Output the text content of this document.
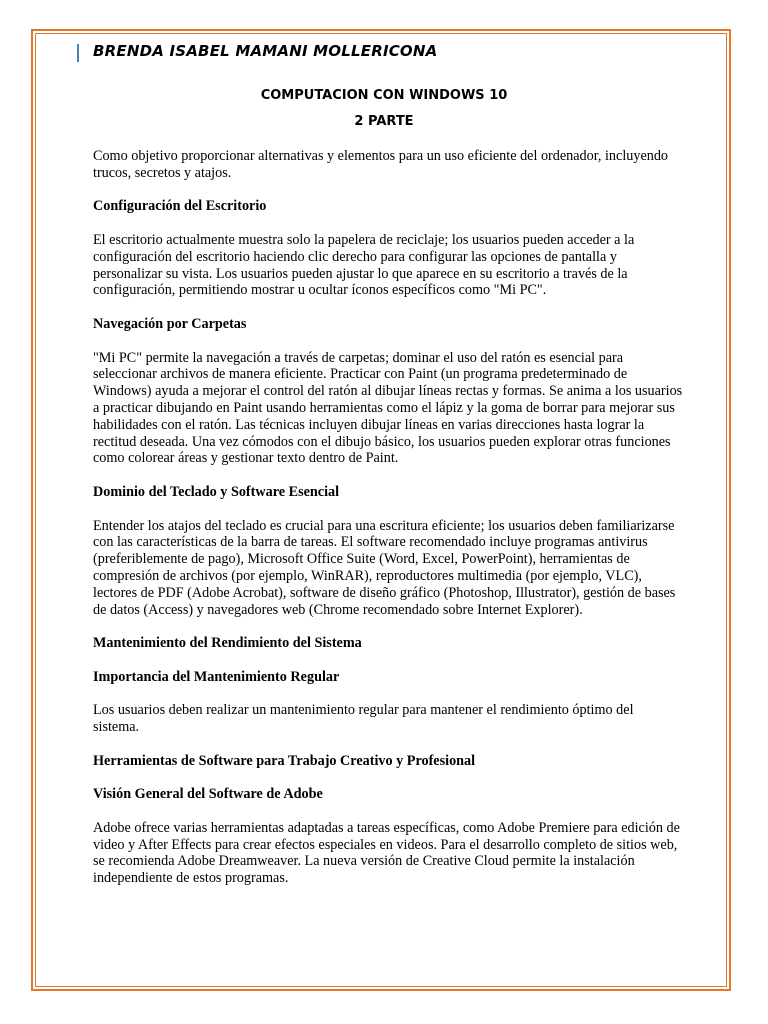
BRENDA ISABEL MAMANI MOLLERICONA
COMPUTACION CON WINDOWS 10
2 PARTE

Como objetivo proporcionar alternativas y elementos para un uso eficiente del ordenador, incluyendo trucos, secretos y atajos.

Configuración del Escritorio

El escritorio actualmente muestra solo la papelera de reciclaje; los usuarios pueden acceder a la configuración del escritorio haciendo clic derecho para configurar las opciones de pantalla y personalizar su vista. Los usuarios pueden ajustar lo que aparece en su escritorio a través de la configuración, permitiendo mostrar u ocultar íconos específicos como "Mi PC".

Navegación por Carpetas

"Mi PC" permite la navegación a través de carpetas; dominar el uso del ratón es esencial para seleccionar archivos de manera eficiente. Practicar con Paint (un programa predeterminado de Windows) ayuda a mejorar el control del ratón al dibujar líneas rectas y formas. Se anima a los usuarios a practicar dibujando en Paint usando herramientas como el lápiz y la goma de borrar para mejorar sus habilidades con el ratón. Las técnicas incluyen dibujar líneas en varias direcciones hasta lograr la rectitud deseada. Una vez cómodos con el dibujo básico, los usuarios pueden explorar otras funciones como colorear áreas y gestionar texto dentro de Paint.

Dominio del Teclado y Software Esencial

Entender los atajos del teclado es crucial para una escritura eficiente; los usuarios deben familiarizarse con las características de la barra de tareas. El software recomendado incluye programas antivirus (preferiblemente de pago), Microsoft Office Suite (Word, Excel, PowerPoint), herramientas de compresión de archivos (por ejemplo, WinRAR), reproductores multimedia (por ejemplo, VLC), lectores de PDF (Adobe Acrobat), software de diseño gráfico (Photoshop, Illustrator), gestión de bases de datos (Access) y navegadores web (Chrome recomendado sobre Internet Explorer).

Mantenimiento del Rendimiento del Sistema
Importancia del Mantenimiento Regular

Los usuarios deben realizar un mantenimiento regular para mantener el rendimiento óptimo del sistema.

Herramientas de Software para Trabajo Creativo y Profesional
Visión General del Software de Adobe

Adobe ofrece varias herramientas adaptadas a tareas específicas, como Adobe Premiere para edición de video y After Effects para crear efectos especiales en videos. Para el desarrollo completo de sitios web, se recomienda Adobe Dreamweaver. La nueva versión de Creative Cloud permite la instalación independiente de estos programas.
